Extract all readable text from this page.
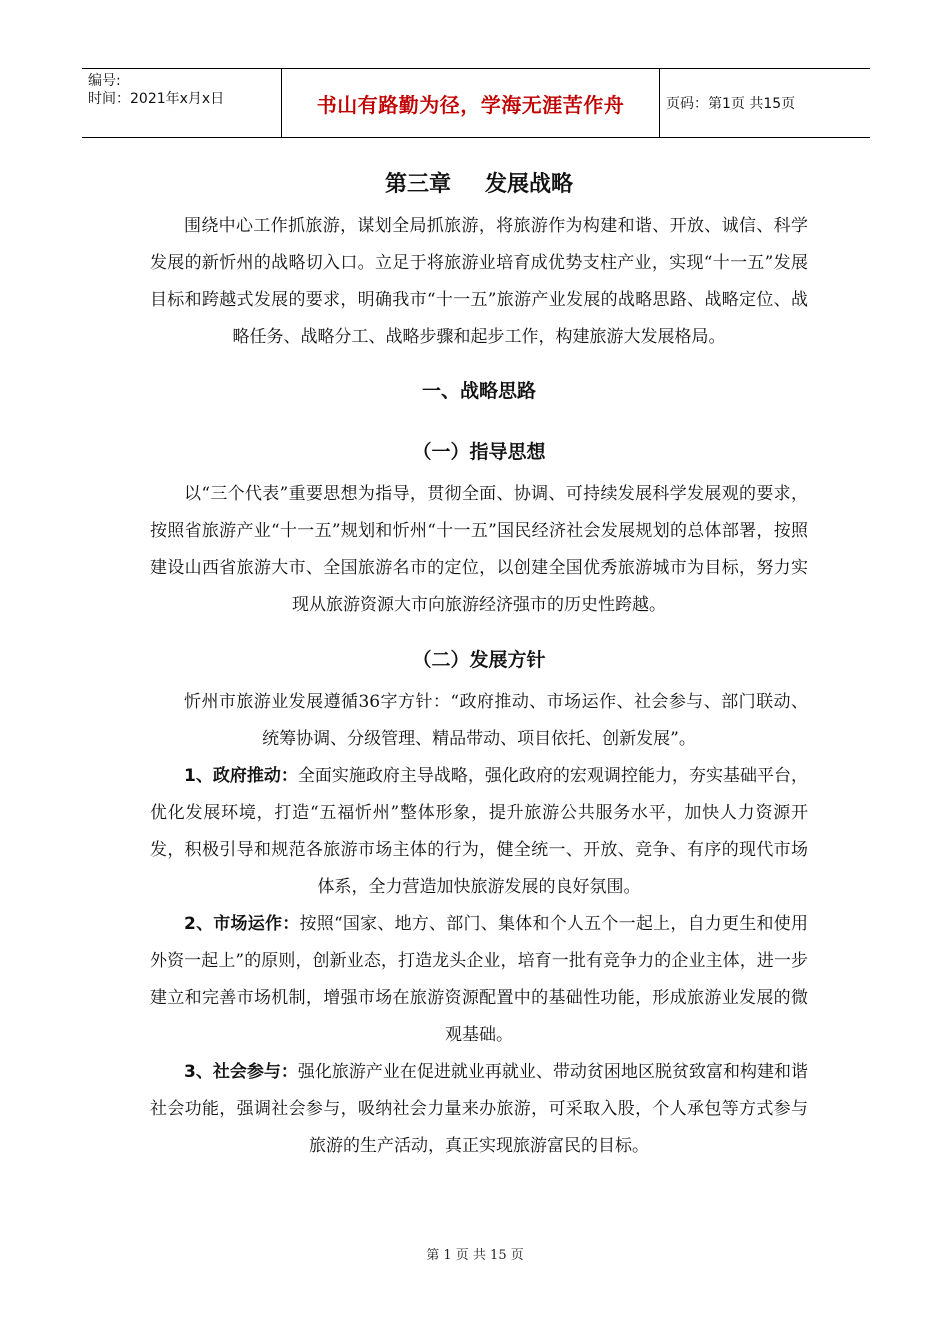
编号:
时间：2021年x月x日	书山有路勤为径，学海无涯苦作舟	页码：第1页 共15页
第三章 发展战略

围绕中心工作抓旅游，谋划全局抓旅游，将旅游作为构建和谐、开放、诚信、科学发展的新忻州的战略切入口。立足于将旅游业培育成优势支柱产业，实现“十一五”发展目标和跨越式发展的要求，明确我市“十一五”旅游产业发展的战略思路、战略定位、战略任务、战略分工、战略步骤和起步工作，构建旅游大发展格局。

一、战略思路
（一）指导思想

以“三个代表”重要思想为指导，贯彻全面、协调、可持续发展科学发展观的要求，按照省旅游产业“十一五”规划和忻州“十一五”国民经济社会发展规划的总体部署，按照建设山西省旅游大市、全国旅游名市的定位，以创建全国优秀旅游城市为目标，努力实现从旅游资源大市向旅游经济强市的历史性跨越。

（二）发展方针

忻州市旅游业发展遵循36字方针：“政府推动、市场运作、社会参与、部门联动、统筹协调、分级管理、精品带动、项目依托、创新发展”。

1、政府推动：全面实施政府主导战略，强化政府的宏观调控能力，夯实基础平台，优化发展环境，打造“五福忻州”整体形象，提升旅游公共服务水平，加快人力资源开发，积极引导和规范各旅游市场主体的行为，健全统一、开放、竞争、有序的现代市场体系，全力营造加快旅游发展的良好氛围。

2、市场运作：按照“国家、地方、部门、集体和个人五个一起上，自力更生和使用外资一起上”的原则，创新业态，打造龙头企业，培育一批有竞争力的企业主体，进一步建立和完善市场机制，增强市场在旅游资源配置中的基础性功能，形成旅游业发展的微观基础。

3、社会参与：强化旅游产业在促进就业再就业、带动贫困地区脱贫致富和构建和谐社会功能，强调社会参与，吸纳社会力量来办旅游，可采取入股，个人承包等方式参与旅游的生产活动，真正实现旅游富民的目标。

第 1 页 共 15 页
